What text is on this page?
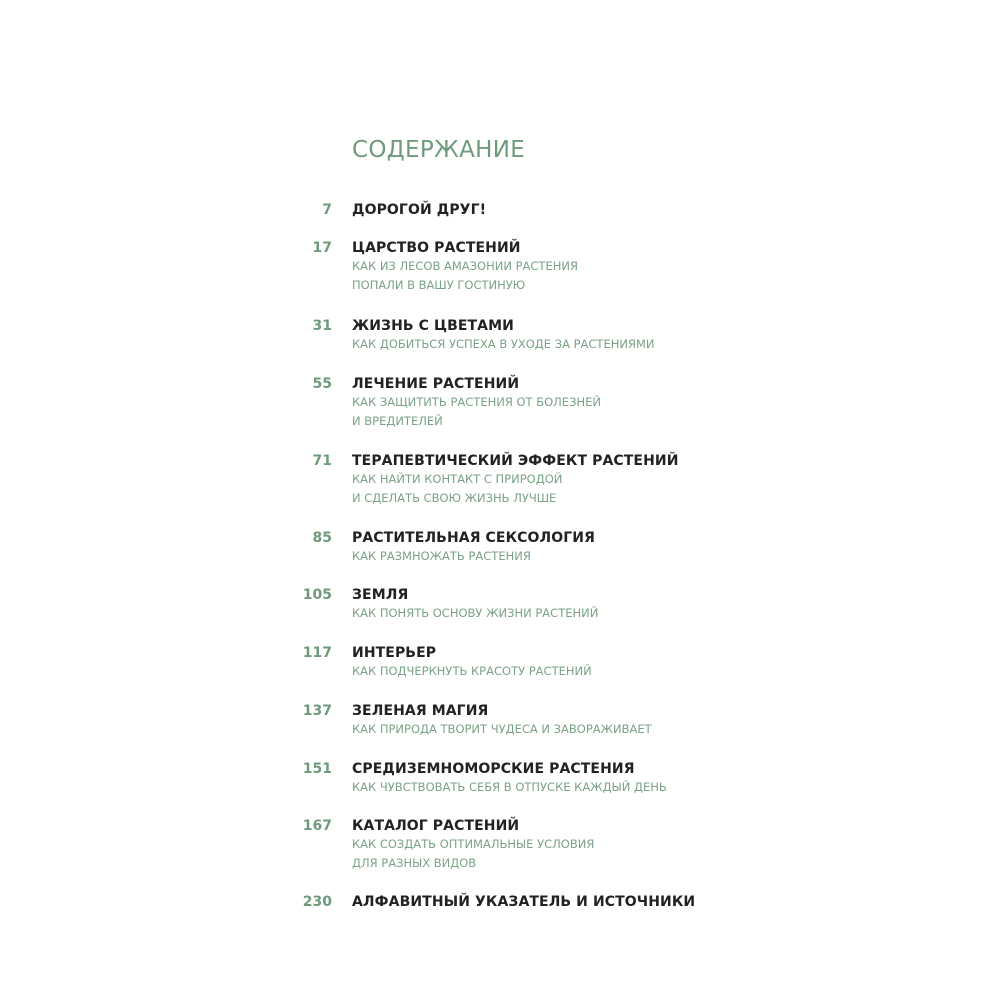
СОДЕРЖАНИЕ
7 ДОРОГОЙ ДРУГ!
17 ЦАРСТВО РАСТЕНИЙ
КАК ИЗ ЛЕСОВ АМАЗОНИИ РАСТЕНИЯ
ПОПАЛИ В ВАШУ ГОСТИНУЮ
31 ЖИЗНЬ С ЦВЕТАМИ
КАК ДОБИТЬСЯ УСПЕХА В УХОДЕ ЗА РАСТЕНИЯМИ
55 ЛЕЧЕНИЕ РАСТЕНИЙ
КАК ЗАЩИТИТЬ РАСТЕНИЯ ОТ БОЛЕЗНЕЙ
И ВРЕДИТЕЛЕЙ
71 ТЕРАПЕВТИЧЕСКИЙ ЭФФЕКТ РАСТЕНИЙ
КАК НАЙТИ КОНТАКТ С ПРИРОДОЙ
И СДЕЛАТЬ СВОЮ ЖИЗНЬ ЛУЧШЕ
85 РАСТИТЕЛЬНАЯ СЕКСОЛОГИЯ
КАК РАЗМНОЖАТЬ РАСТЕНИЯ
105 ЗЕМЛЯ
КАК ПОНЯТЬ ОСНОВУ ЖИЗНИ РАСТЕНИЙ
117 ИНТЕРЬЕР
КАК ПОДЧЕРКНУТЬ КРАСОТУ РАСТЕНИЙ
137 ЗЕЛЕНАЯ МАГИЯ
КАК ПРИРОДА ТВОРИТ ЧУДЕСА И ЗАВОРАЖИВАЕТ
151 СРЕДИЗЕМНОМОРСКИЕ РАСТЕНИЯ
КАК ЧУВСТВОВАТЬ СЕБЯ В ОТПУСКЕ КАЖДЫЙ ДЕНЬ
167 КАТАЛОГ РАСТЕНИЙ
КАК СОЗДАТЬ ОПТИМАЛЬНЫЕ УСЛОВИЯ
ДЛЯ РАЗНЫХ ВИДОВ
230 АЛФАВИТНЫЙ УКАЗАТЕЛЬ И ИСТОЧНИКИ
